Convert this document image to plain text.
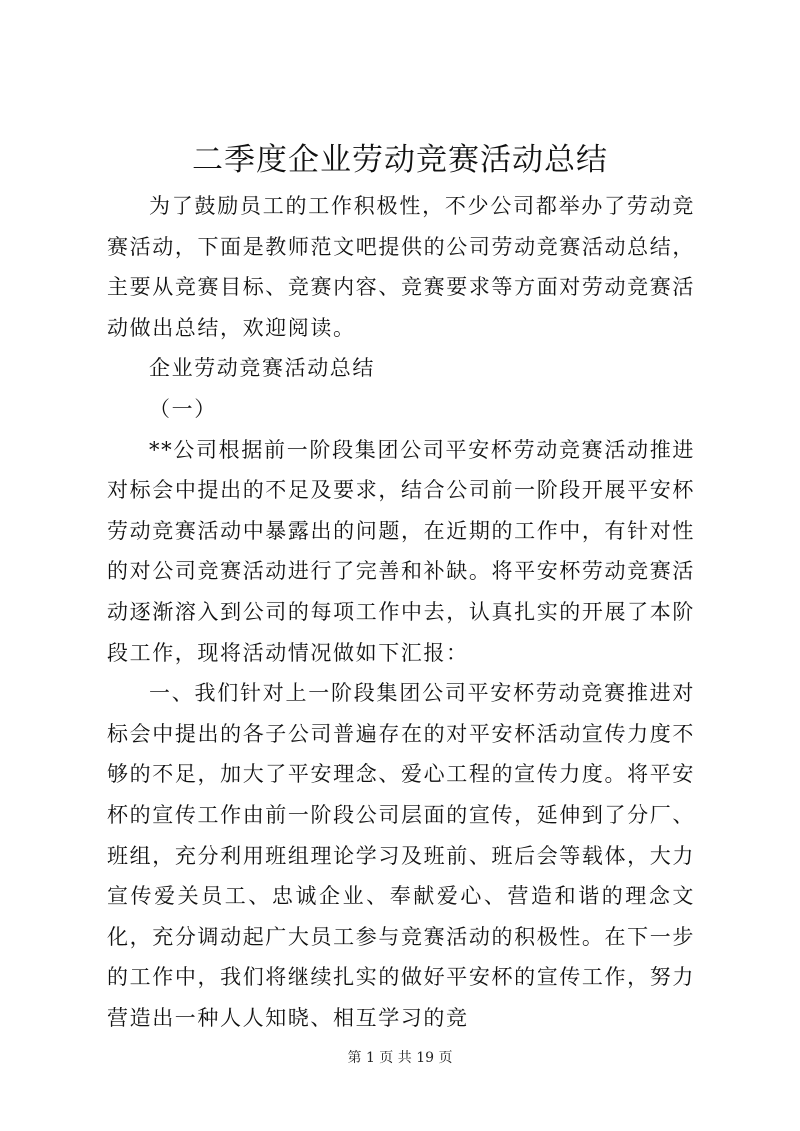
二季度企业劳动竞赛活动总结

为了鼓励员工的工作积极性，不少公司都举办了劳动竞赛活动，下面是教师范文吧提供的公司劳动竞赛活动总结，主要从竞赛目标、竞赛内容、竞赛要求等方面对劳动竞赛活动做出总结，欢迎阅读。

企业劳动竞赛活动总结

（一）

**公司根据前一阶段集团公司平安杯劳动竞赛活动推进对标会中提出的不足及要求，结合公司前一阶段开展平安杯劳动竞赛活动中暴露出的问题，在近期的工作中，有针对性的对公司竞赛活动进行了完善和补缺。将平安杯劳动竞赛活动逐渐溶入到公司的每项工作中去，认真扎实的开展了本阶段工作，现将活动情况做如下汇报：

一、我们针对上一阶段集团公司平安杯劳动竞赛推进对标会中提出的各子公司普遍存在的对平安杯活动宣传力度不够的不足，加大了平安理念、爱心工程的宣传力度。将平安杯的宣传工作由前一阶段公司层面的宣传，延伸到了分厂、班组，充分利用班组理论学习及班前、班后会等载体，大力宣传爱关员工、忠诚企业、奉献爱心、营造和谐的理念文化，充分调动起广大员工参与竞赛活动的积极性。在下一步的工作中，我们将继续扎实的做好平安杯的宣传工作，努力营造出一种人人知晓、相互学习的竞

第 1 页 共 19 页
